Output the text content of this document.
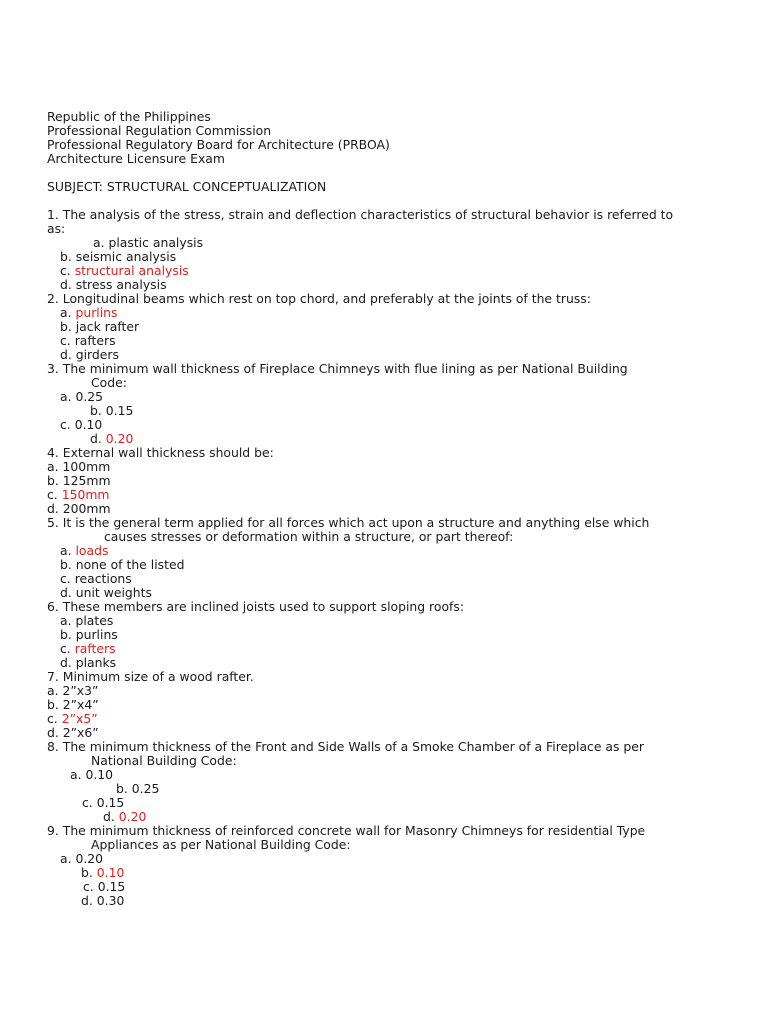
Republic of the Philippines
Professional Regulation Commission
Professional Regulatory Board for Architecture (PRBOA)
Architecture Licensure Exam
SUBJECT: STRUCTURAL CONCEPTUALIZATION
1. The analysis of the stress, strain and deflection characteristics of structural behavior is referred to
as:
a. plastic analysis
b. seismic analysis
c. structural analysis
d. stress analysis
2. Longitudinal beams which rest on top chord, and preferably at the joints of the truss:
a. purlins
b. jack rafter
c. rafters
d. girders
3. The minimum wall thickness of Fireplace Chimneys with flue lining as per National Building
Code:
a. 0.25
b. 0.15
c. 0.10
d. 0.20
4. External wall thickness should be:
a. 100mm
b. 125mm
c. 150mm
d. 200mm
5. It is the general term applied for all forces which act upon a structure and anything else which
causes stresses or deformation within a structure, or part thereof:
a. loads
b. none of the listed
c. reactions
d. unit weights
6. These members are inclined joists used to support sloping roofs:
a. plates
b. purlins
c. rafters
d. planks
7. Minimum size of a wood rafter.
a. 2”x3”
b. 2”x4”
c. 2”x5”
d. 2”x6”
8. The minimum thickness of the Front and Side Walls of a Smoke Chamber of a Fireplace as per
National Building Code:
a. 0.10
b. 0.25
c. 0.15
d. 0.20
9. The minimum thickness of reinforced concrete wall for Masonry Chimneys for residential Type
Appliances as per National Building Code:
a. 0.20
b. 0.10
c. 0.15
d. 0.30
